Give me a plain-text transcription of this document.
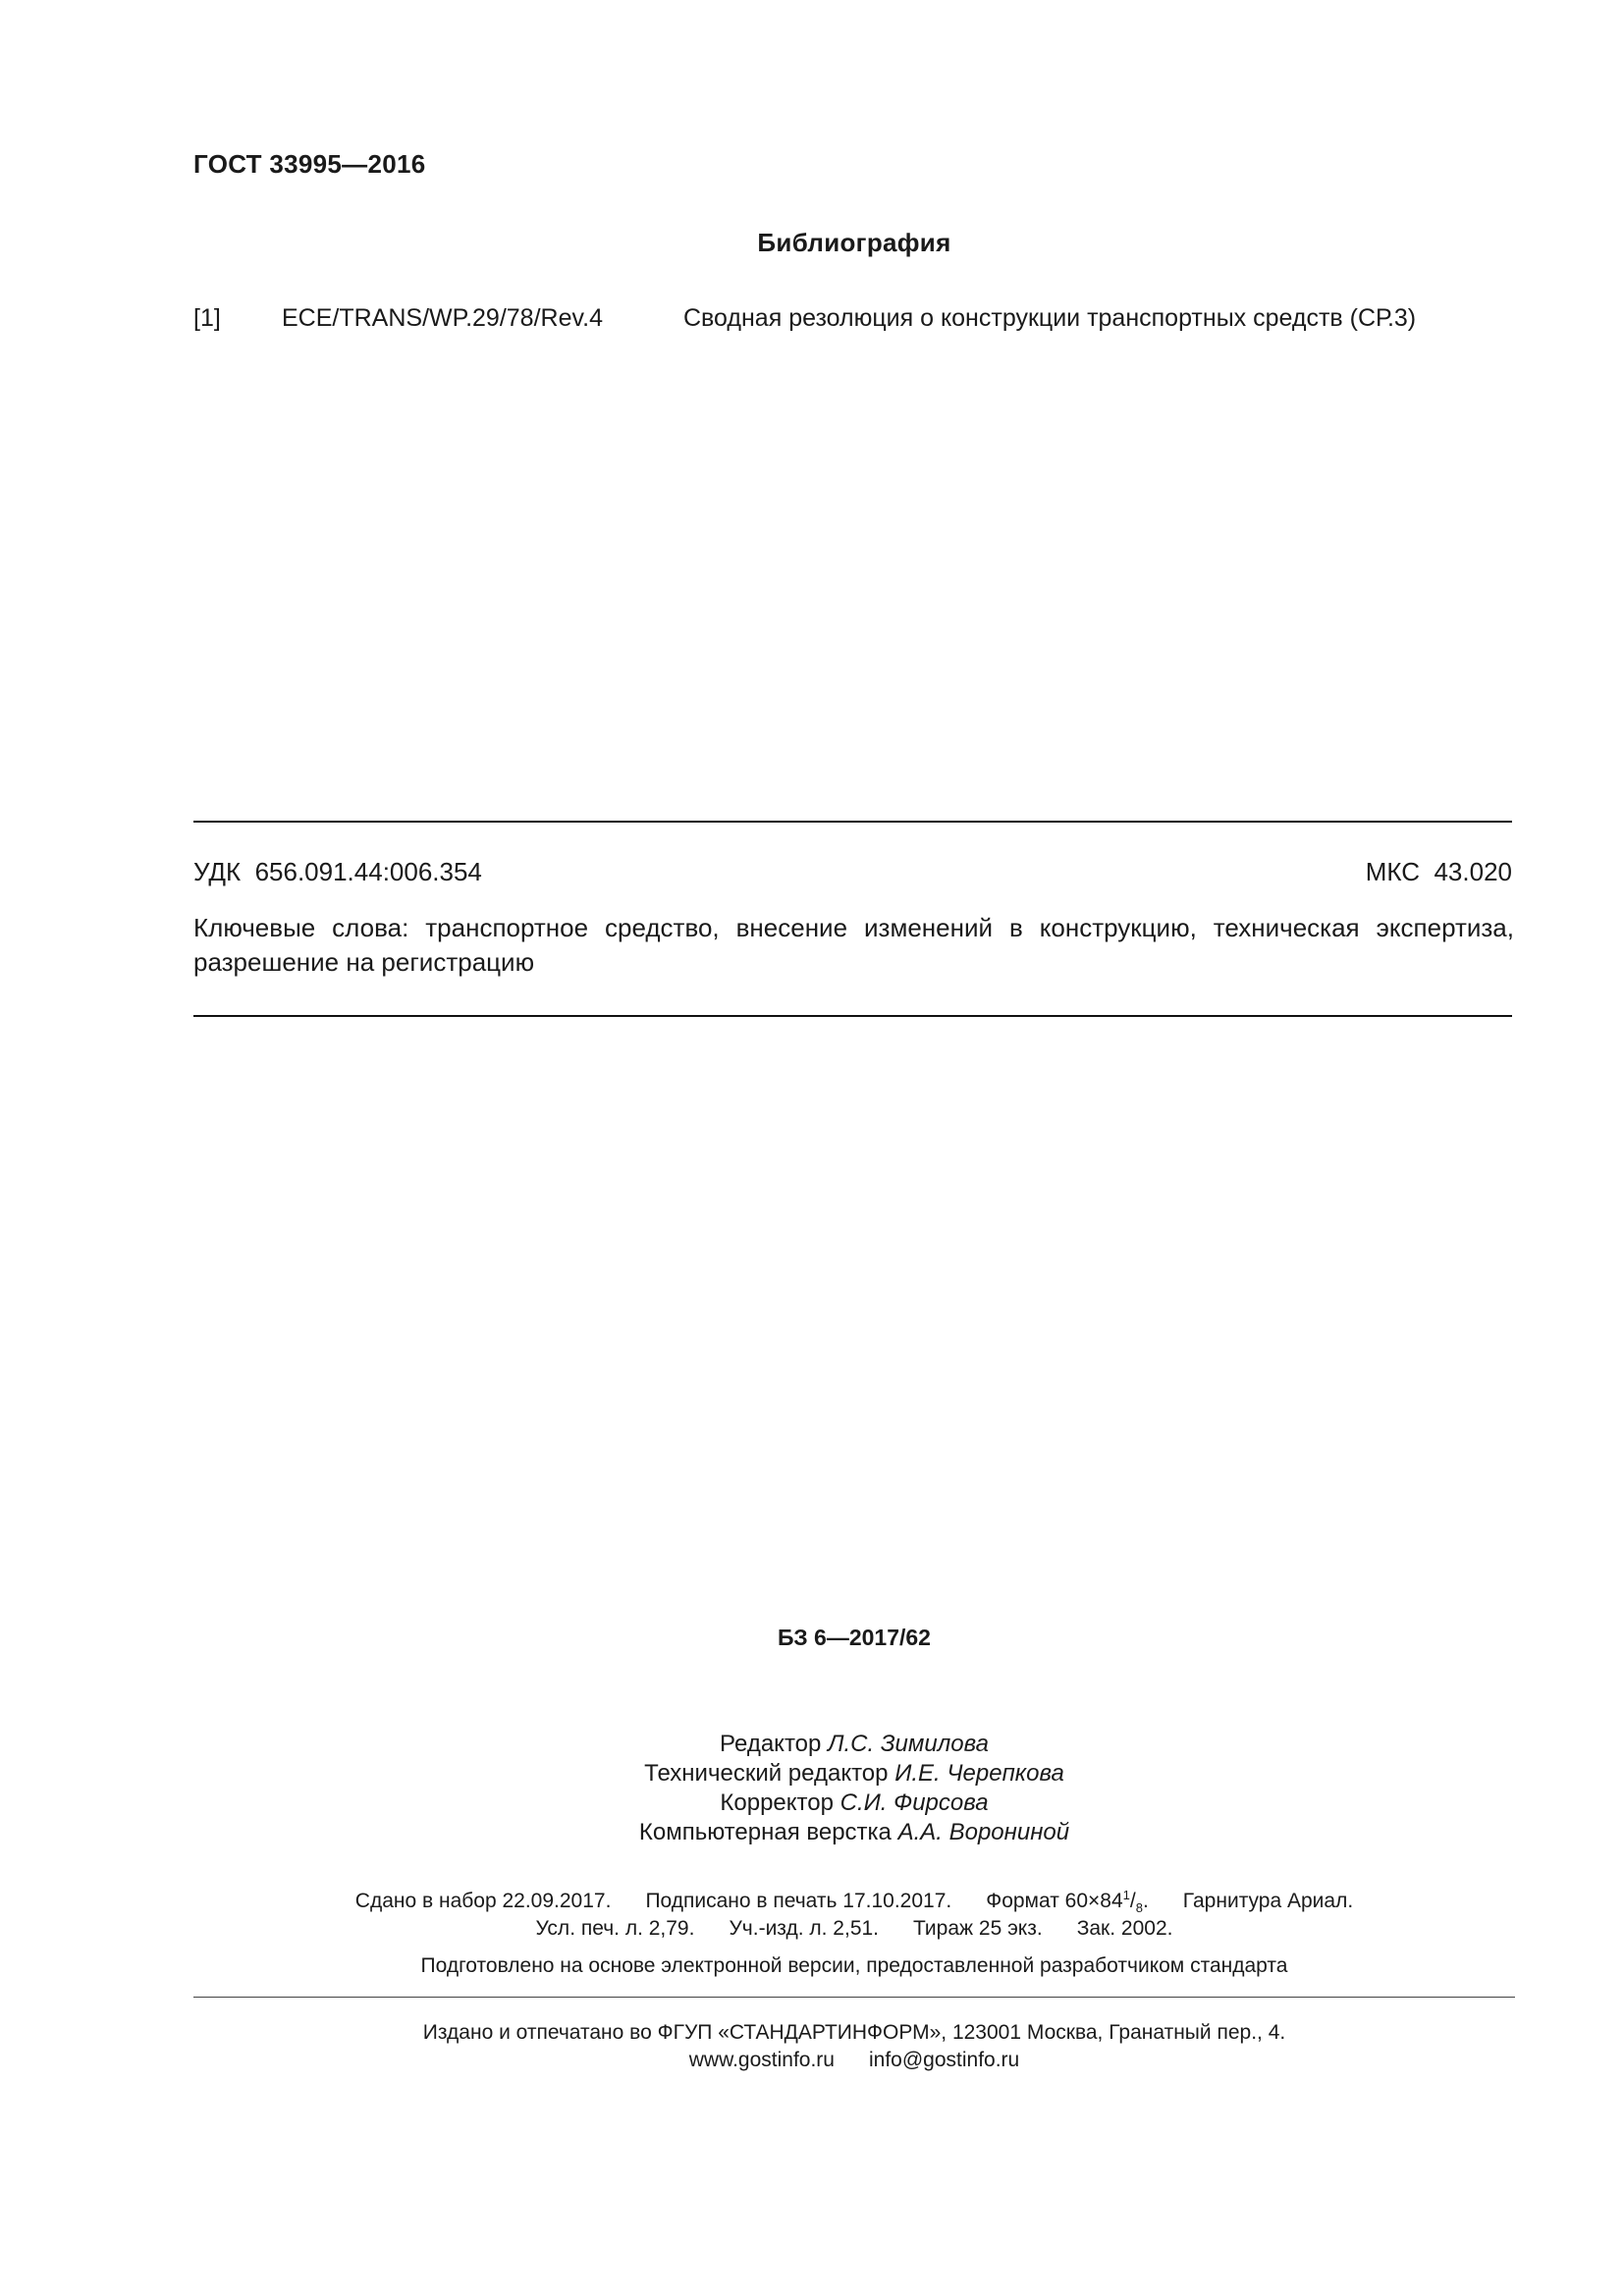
ГОСТ 33995—2016
Библиография
[1] ECE/TRANS/WP.29/78/Rev.4	Сводная резолюция о конструкции транспортных средств (СР.3)
УДК 656.091.44:006.354	МКС 43.020
Ключевые слова: транспортное средство, внесение изменений в конструкцию, техническая экспертиза, разрешение на регистрацию
БЗ 6—2017/62
Редактор Л.С. Зимилова
Технический редактор И.Е. Черепкова
Корректор С.И. Фирсова
Компьютерная верстка А.А. Ворониной
Сдано в набор 22.09.2017.      Подписано в печать 17.10.2017.      Формат $60\times 84^1/_8$.      Гарнитура Ариал.
Усл. печ. л. 2,79.      Уч.-изд. л. 2,51.      Тираж 25 экз.      Зак. 2002.
Подготовлено на основе электронной версии, предоставленной разработчиком стандарта
Издано и отпечатано во ФГУП «СТАНДАРТИНФОРМ», 123001 Москва, Гранатный пер., 4.
www.gostinfo.ru info@gostinfo.ru
